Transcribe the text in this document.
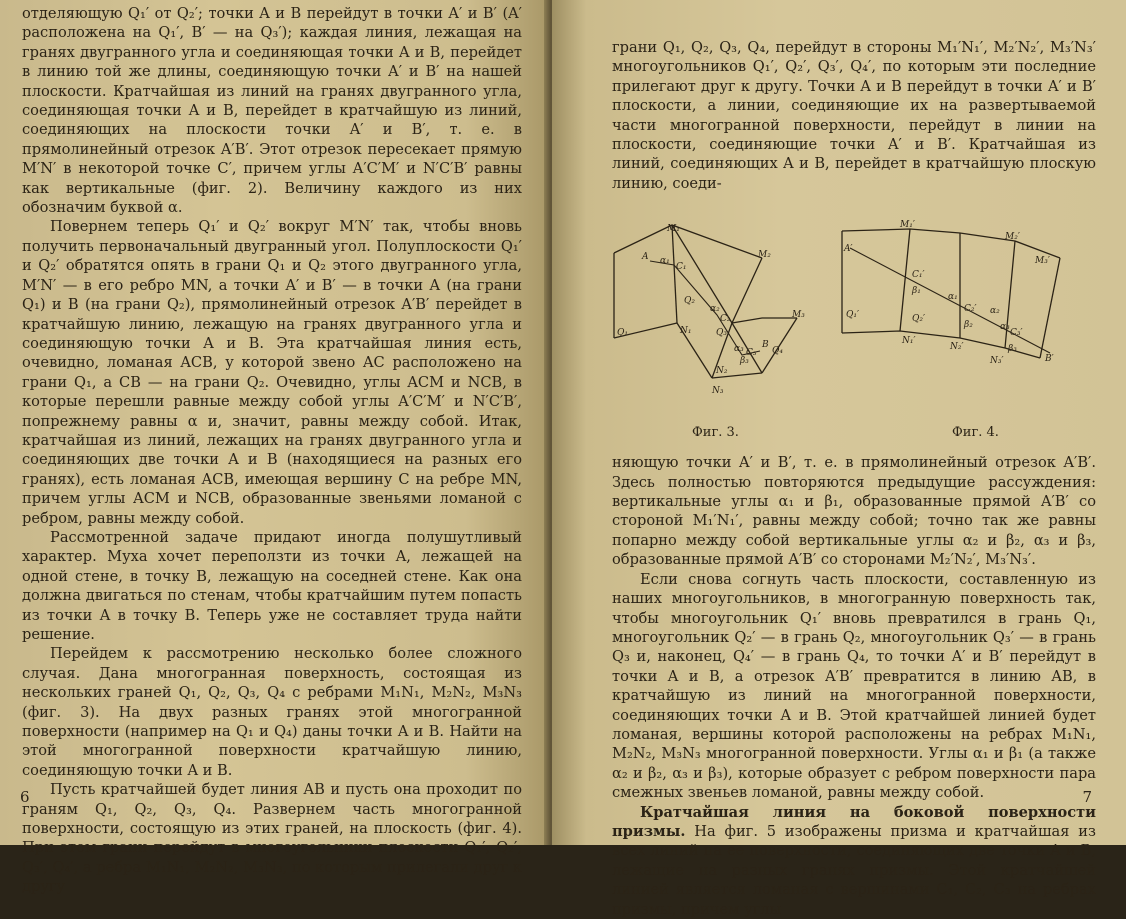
отделяющую Q₁′ от Q₂′; точки A и B перейдут в точки A′ и B′ (A′ расположена на Q₁′, B′ — на Q₃′); каждая линия, лежащая на гранях двугранного угла и соединяющая точки A и B, перейдет в линию той же длины, соединяющую точки A′ и B′ на нашей плоскости. Кратчайшая из линий на гранях двугранного угла, соединяющая точки A и B, перейдет в кратчайшую из линий, соединяющих на плоскости точки A′ и B′, т. е. в прямолинейный отрезок A′B′. Этот отрезок пересекает прямую M′N′ в некоторой точке C′, причем углы A′C′M′ и N′C′B′ равны как вертикальные (фиг. 2). Величину каждого из них обозначим буквой α.

Повернем теперь Q₁′ и Q₂′ вокруг M′N′ так, чтобы вновь получить первоначальный двугранный угол. Полуплоскости Q₁′ и Q₂′ обратятся опять в грани Q₁ и Q₂ этого двугранного угла, M′N′ — в его ребро MN, а точки A′ и B′ — в точки A (на грани Q₁) и B (на грани Q₂), прямолинейный отрезок A′B′ перейдет в кратчайшую линию, лежащую на гранях двугранного угла и соединяющую точки A и B. Эта кратчайшая линия есть, очевидно, ломаная ACB, у которой звено AC расположено на грани Q₁, а CB — на грани Q₂. Очевидно, углы ACM и NCB, в которые перешли равные между собой углы A′C′M′ и N′C′B′, попрежнему равны α и, значит, равны между собой. Итак, кратчайшая из линий, лежащих на гранях двугранного угла и соединяющих две точки A и B (находящиеся на разных его гранях), есть ломаная ACB, имеющая вершину C на ребре MN, причем углы ACM и NCB, образованные звеньями ломаной с ребром, равны между собой.

Рассмотренной задаче придают иногда полушутливый характер. Муха хочет переползти из точки A, лежащей на одной стене, в точку B, лежащую на соседней стене. Как она должна двигаться по стенам, чтобы кратчайшим путем попасть из точки A в точку B. Теперь уже не составляет труда найти решение.

Перейдем к рассмотрению несколько более сложного случая. Дана многогранная поверхность, состоящая из нескольких граней Q₁, Q₂, Q₃, Q₄ с ребрами M₁N₁, M₂N₂, M₃N₃ (фиг. 3). На двух разных гранях этой многогранной поверхности (например на Q₁ и Q₄) даны точки A и B. Найти на этой многогранной поверхности кратчайшую линию, соединяющую точки A и B.

Пусть кратчайшей будет линия AB и пусть она проходит по граням Q₁, Q₂, Q₃, Q₄. Развернем часть многогранной поверхности, состоящую из этих граней, на плоскость (фиг. 4). При этом грани перейдут в многоугольники плоскости Q₁′, Q₂′, Q₃′, Q₄′, а ребра M₁N₁, M₂N₂, M₃N₃, по которым прилегали друг к другу

6

грани Q₁, Q₂, Q₃, Q₄, перейдут в стороны M₁′N₁′, M₂′N₂′, M₃′N₃′ многоугольников Q₁′, Q₂′, Q₃′, Q₄′, по которым эти последние прилегают друг к другу. Точки A и B перейдут в точки A′ и B′ плоскости, а линии, соединяющие их на развертываемой части многогранной поверхности, перейдут в линии на плоскости, соединяющие точки A′ и B′. Кратчайшая из линий, соединяющих A и B, перейдет в кратчайшую плоскую линию, соеди-

M₁
M₂
M₃
Q₁
Q₂
Q₃
Q₄
N₁
N₂
N₃
A
B
α₁
C₁
α₂
C₂
α₃
β₃
C₃
Фиг. 3.
M₁′
M₂′
M₃′
A′
C₁′
β₁
Q₁′	Q₂′
N₁′
α₁
α₂
C₂′
β₂
N₂′
α₃
C₃′
β₃
N₃′	B′
Фиг. 4.

няющую точки A′ и B′, т. е. в прямолинейный отрезок A′B′. Здесь полностью повторяются предыдущие рассуждения: вертикальные углы α₁ и β₁, образованные прямой A′B′ со стороной M₁′N₁′, равны между собой; точно так же равны попарно между собой вертикальные углы α₂ и β₂, α₃ и β₃, образованные прямой A′B′ со сторонами M₂′N₂′, M₃′N₃′.

Если снова согнуть часть плоскости, составленную из наших многоугольников, в многогранную поверхность так, чтобы многоугольник Q₁′ вновь превратился в грань Q₁, многоугольник Q₂′ — в грань Q₂, многоугольник Q₃′ — в грань Q₃ и, наконец, Q₄′ — в грань Q₄, то точки A′ и B′ перейдут в точки A и B, а отрезок A′B′ превратится в линию AB, в кратчайшую из линий на многогранной поверхности, соединяющих точки A и B. Этой кратчайшей линией будет ломаная, вершины которой расположены на ребрах M₁N₁, M₂N₂, M₃N₃ многогранной поверхности. Углы α₁ и β₁ (а также α₂ и β₂, α₃ и β₃), которые образует с ребром поверхности пара смежных звеньев ломаной, равны между собой.

Кратчайшая линия на боковой поверхности призмы. На фиг. 5 изображены призма и кратчайшая из всех линий на ее поверхности, соединяющих две точки A и B, лежащие на разных гранях призмы. Этой кратчайшей линией является ломаная с вершинами C₁, C₂, C₃ на ребрах призмы, причем углы

7
